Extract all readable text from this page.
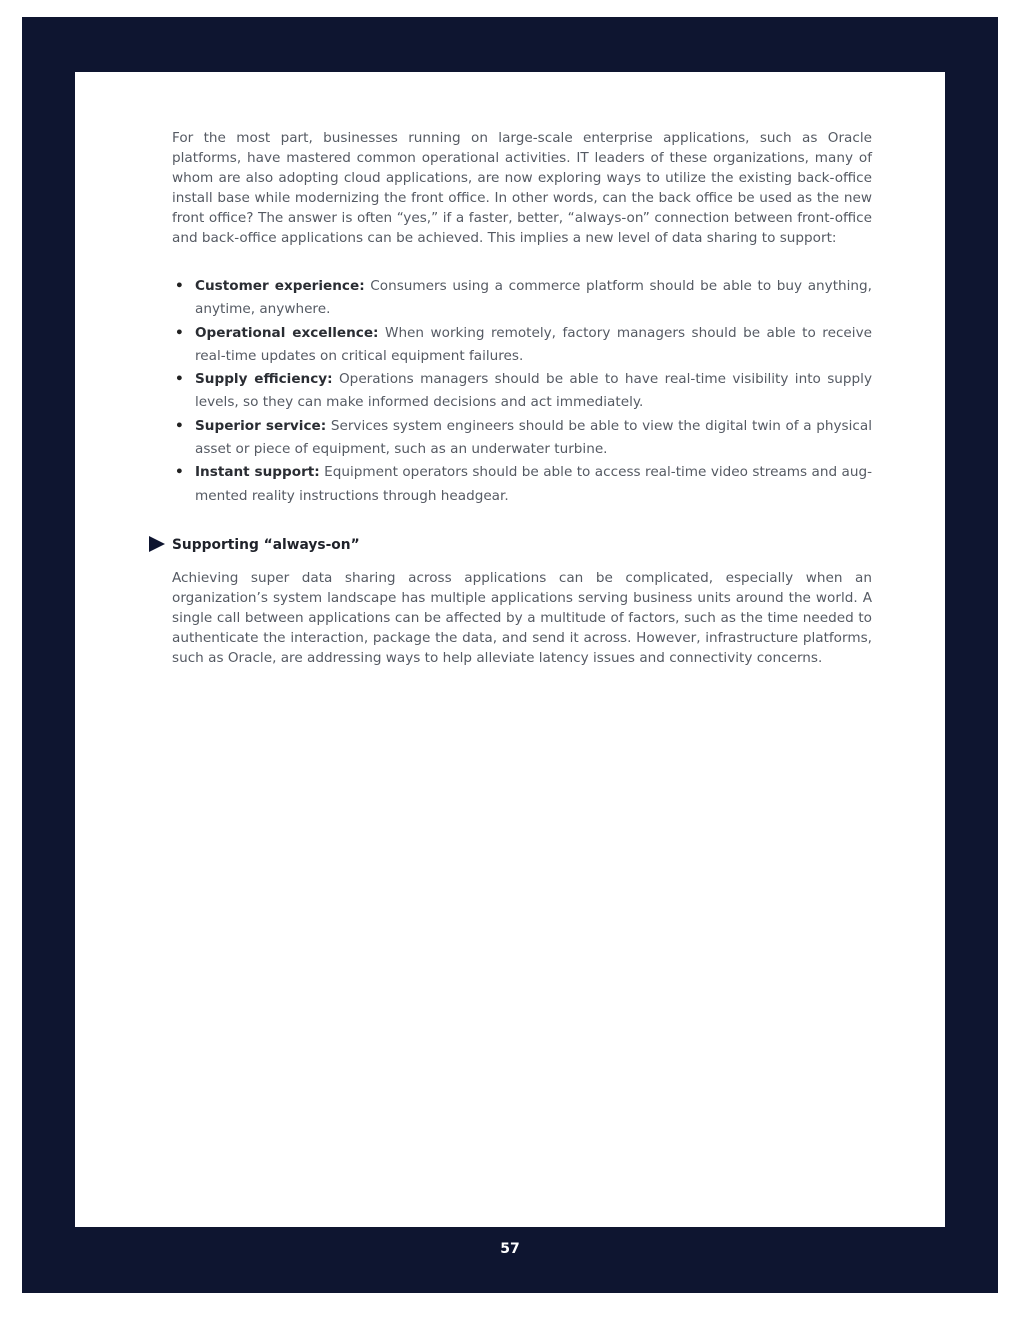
For the most part, businesses running on large-scale enterprise applications, such as Oracle platforms, have mastered common operational activities. IT leaders of these organizations, many of whom are also adopting cloud applications, are now exploring ways to utilize the existing back-office install base while modernizing the front office. In other words, can the back office be used as the new front office? The answer is often “yes,” if a faster, better, “always-on” connection between front-office and back-office applications can be achieved. This implies a new level of data sharing to support:

• Customer experience: Consumers using a commerce platform should be able to buy anything, anytime, anywhere.
• Operational excellence: When working remotely, factory managers should be able to receive real-time updates on critical equipment failures.
• Supply efficiency: Operations managers should be able to have real-time visibility into supply levels, so they can make informed decisions and act immediately.
• Superior service: Services system engineers should be able to view the digital twin of a physical asset or piece of equipment, such as an underwater turbine.
• Instant support: Equipment operators should be able to access real-time video streams and augmented reality instructions through headgear.
Supporting “always-on”

Achieving super data sharing across applications can be complicated, especially when an organization’s system landscape has multiple applications serving business units around the world. A single call between applications can be affected by a multitude of factors, such as the time needed to authenticate the interaction, package the data, and send it across. However, infrastructure platforms, such as Oracle, are addressing ways to help alleviate latency issues and connectivity concerns.

57
